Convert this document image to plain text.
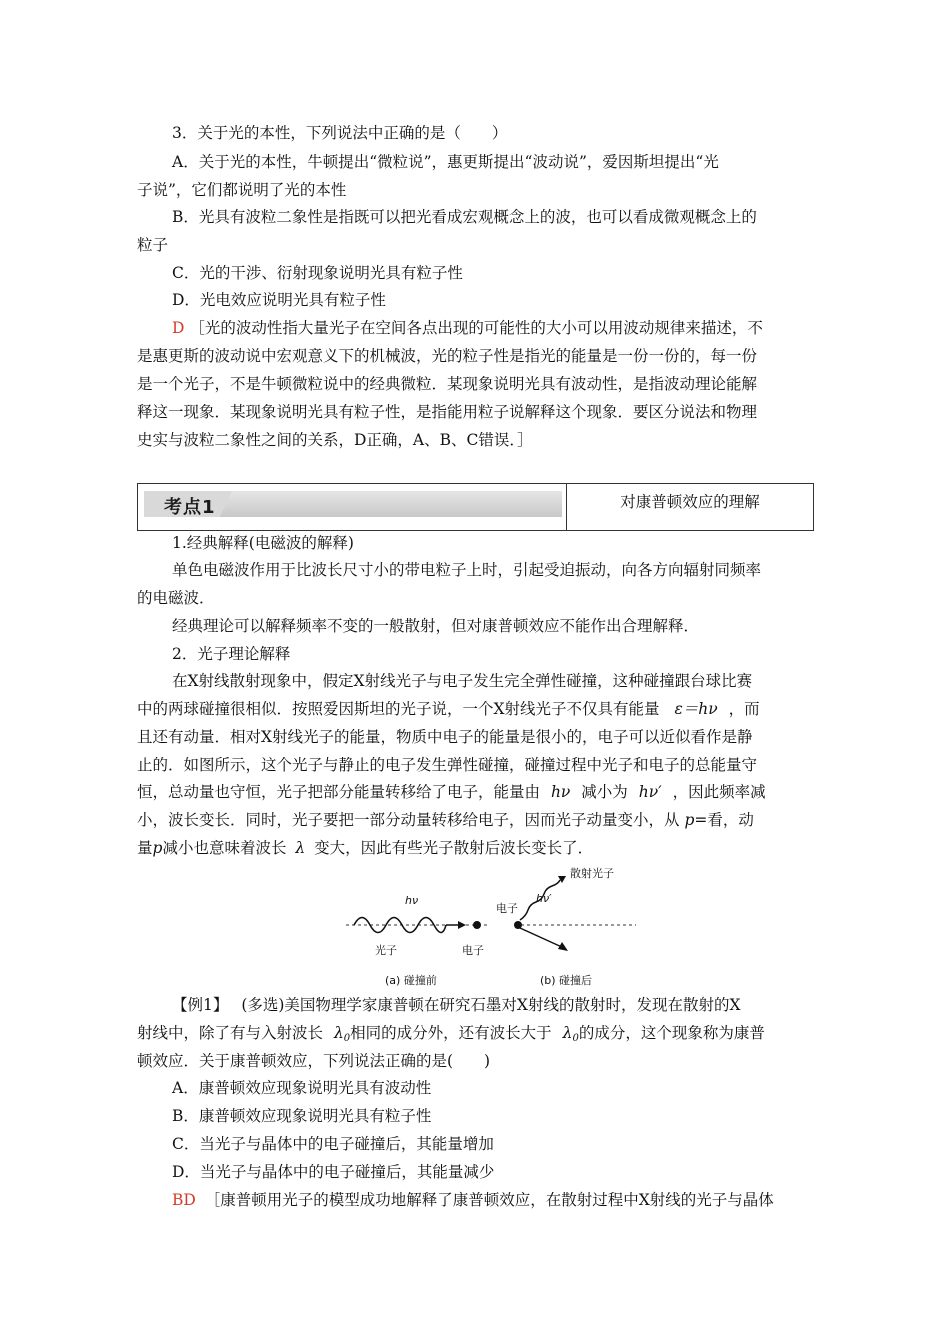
3．关于光的本性，下列说法中正确的是（　　）
A．关于光的本性，牛顿提出“微粒说”，惠更斯提出“波动说”，爱因斯坦提出“光
子说”，它们都说明了光的本性
B．光具有波粒二象性是指既可以把光看成宏观概念上的波，也可以看成微观概念上的
粒子
C．光的干涉、衍射现象说明光具有粒子性
D．光电效应说明光具有粒子性
D ［光的波动性指大量光子在空间各点出现的可能性的大小可以用波动规律来描述，不
是惠更斯的波动说中宏观意义下的机械波，光的粒子性是指光的能量是一份一份的，每一份
是一个光子，不是牛顿微粒说中的经典微粒．某现象说明光具有波动性，是指波动理论能解
释这一现象．某现象说明光具有粒子性，是指能用粒子说解释这个现象．要区分说法和物理
史实与波粒二象性之间的关系，D正确，A、B、C错误．］
考点1	对康普顿效应的理解
1.经典解释(电磁波的解释)
单色电磁波作用于比波长尺寸小的带电粒子上时，引起受迫振动，向各方向辐射同频率
的电磁波．
经典理论可以解释频率不变的一般散射，但对康普顿效应不能作出合理解释．
2．光子理论解释
在X射线散射现象中，假定X射线光子与电子发生完全弹性碰撞，这种碰撞跟台球比赛
中的两球碰撞很相似．按照爱因斯坦的光子说，一个X射线光子不仅具有能量 ε＝hν ，而
且还有动量．相对X射线光子的能量，物质中电子的能量是很小的，电子可以近似看作是静
止的．如图所示，这个光子与静止的电子发生弹性碰撞，碰撞过程中光子和电子的总能量守
恒，总动量也守恒，光子把部分能量转移给了电子，能量由 hν 减小为 hν′ ，因此频率减
小，波长变长．同时，光子要把一部分动量转移给电子，因而光子动量变小，从 p=看，动
量p减小也意味着波长 λ 变大，因此有些光子散射后波长变长了．
hν
光子	电子
电子
hν′
散射光子
(a) 碰撞前	(b) 碰撞后
【例1】 (多选)美国物理学家康普顿在研究石墨对X射线的散射时，发现在散射的X
射线中，除了有与入射波长 $\lambda_0$相同的成分外，还有波长大于 $\lambda_0$的成分，这个现象称为康普
顿效应．关于康普顿效应，下列说法正确的是(　　)
A．康普顿效应现象说明光具有波动性
B．康普顿效应现象说明光具有粒子性
C．当光子与晶体中的电子碰撞后，其能量增加
D．当光子与晶体中的电子碰撞后，其能量减少
BD ［康普顿用光子的模型成功地解释了康普顿效应，在散射过程中X射线的光子与晶体
